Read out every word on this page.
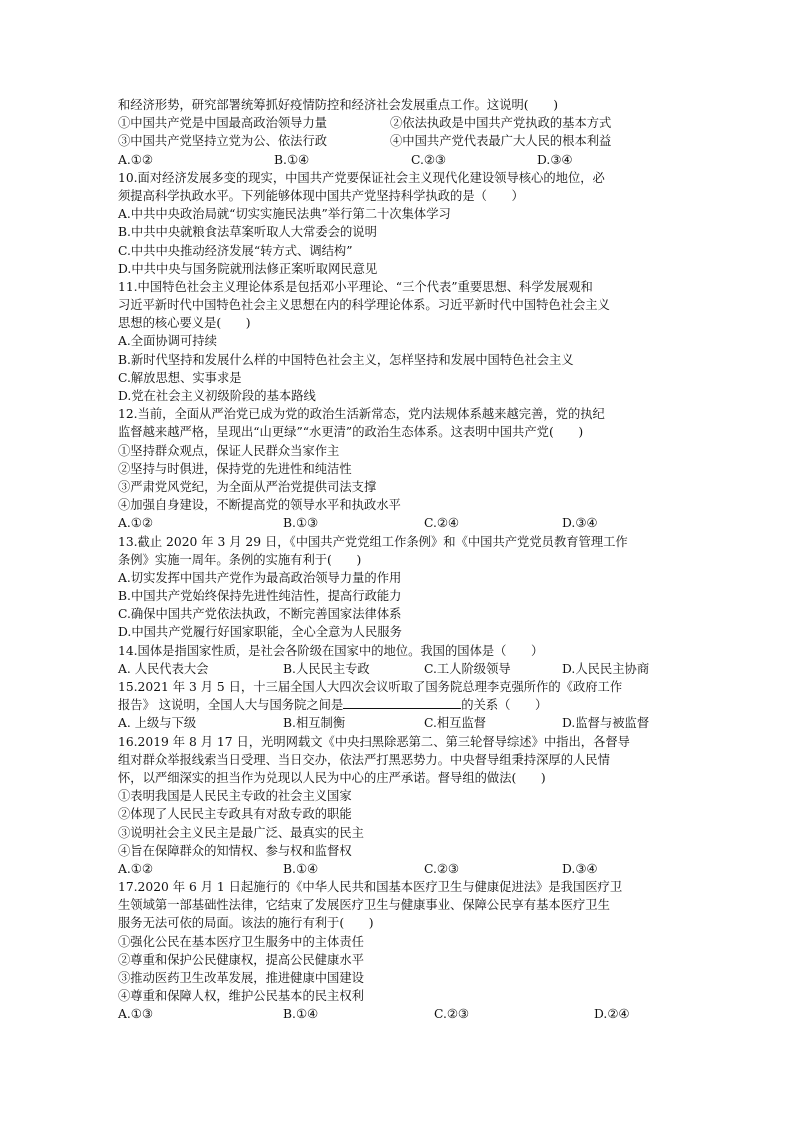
和经济形势，研究部署统筹抓好疫情防控和经济社会发展重点工作。这说明(　　)
①中国共产党是中国最高政治领导力量	②依法执政是中国共产党执政的基本方式
③中国共产党坚持立党为公、依法行政	④中国共产党代表最广大人民的根本利益
A.①②	B.①④	C.②③	D.③④
10.面对经济发展多变的现实，中国共产党要保证社会主义现代化建设领导核心的地位，必
须提高科学执政水平。下列能够体现中国共产党坚持科学执政的是（　　）
A.中共中央政治局就“切实实施民法典”举行第二十次集体学习
B.中共中央就粮食法草案听取人大常委会的说明
C.中共中央推动经济发展“转方式、调结构”
D.中共中央与国务院就刑法修正案听取网民意见
11.中国特色社会主义理论体系是包括邓小平理论、“三个代表”重要思想、科学发展观和
习近平新时代中国特色社会主义思想在内的科学理论体系。习近平新时代中国特色社会主义
思想的核心要义是(　　)
A.全面协调可持续
B.新时代坚持和发展什么样的中国特色社会主义，怎样坚持和发展中国特色社会主义
C.解放思想、实事求是
D.党在社会主义初级阶段的基本路线
12.当前，全面从严治党已成为党的政治生活新常态，党内法规体系越来越完善，党的执纪
监督越来越严格，呈现出“山更绿”“水更清”的政治生态体系。这表明中国共产党(　　)
①坚持群众观点，保证人民群众当家作主
②坚持与时俱进，保持党的先进性和纯洁性
③严肃党风党纪，为全面从严治党提供司法支撑
④加强自身建设，不断提高党的领导水平和执政水平
A.①②	B.①③	C.②④	D.③④
13.截止 2020 年 3 月 29 日，《中国共产党党组工作条例》和《中国共产党党员教育管理工作
条例》实施一周年。条例的实施有利于(　　)
A.切实发挥中国共产党作为最高政治领导力量的作用
B.中国共产党始终保持先进性纯洁性，提高行政能力
C.确保中国共产党依法执政，不断完善国家法律体系
D.中国共产党履行好国家职能，全心全意为人民服务
14.国体是指国家性质，是社会各阶级在国家中的地位。我国的国体是（　　）
A. 人民代表大会	B.人民民主专政	C.工人阶级领导	D.人民民主协商
15.2021 年 3 月 5 日，十三届全国人大四次会议听取了国务院总理李克强所作的《政府工作
报告》 这说明，全国人大与国务院之间是	的关系（　　）
A. 上级与下级	B.相互制衡	C.相互监督	D.监督与被监督
16.2019 年 8 月 17 日，光明网载文《中央扫黑除恶第二、第三轮督导综述》中指出，各督导
组对群众举报线索当日受理、当日交办，依法严打黑恶势力。中央督导组秉持深厚的人民情
怀，以严细深实的担当作为兑现以人民为中心的庄严承诺。督导组的做法(　　)
①表明我国是人民民主专政的社会主义国家
②体现了人民民主专政具有对敌专政的职能
③说明社会主义民主是最广泛、最真实的民主
④旨在保障群众的知情权、参与权和监督权
A.①②	B.①④	C.②③	D.③④
17.2020 年 6 月 1 日起施行的《中华人民共和国基本医疗卫生与健康促进法》是我国医疗卫
生领域第一部基础性法律，它结束了发展医疗卫生与健康事业、保障公民享有基本医疗卫生
服务无法可依的局面。该法的施行有利于(　　)
①强化公民在基本医疗卫生服务中的主体责任
②尊重和保护公民健康权，提高公民健康水平
③推动医药卫生改革发展，推进健康中国建设
④尊重和保障人权，维护公民基本的民主权利
A.①③	B.①④	C.②③	D.②④
